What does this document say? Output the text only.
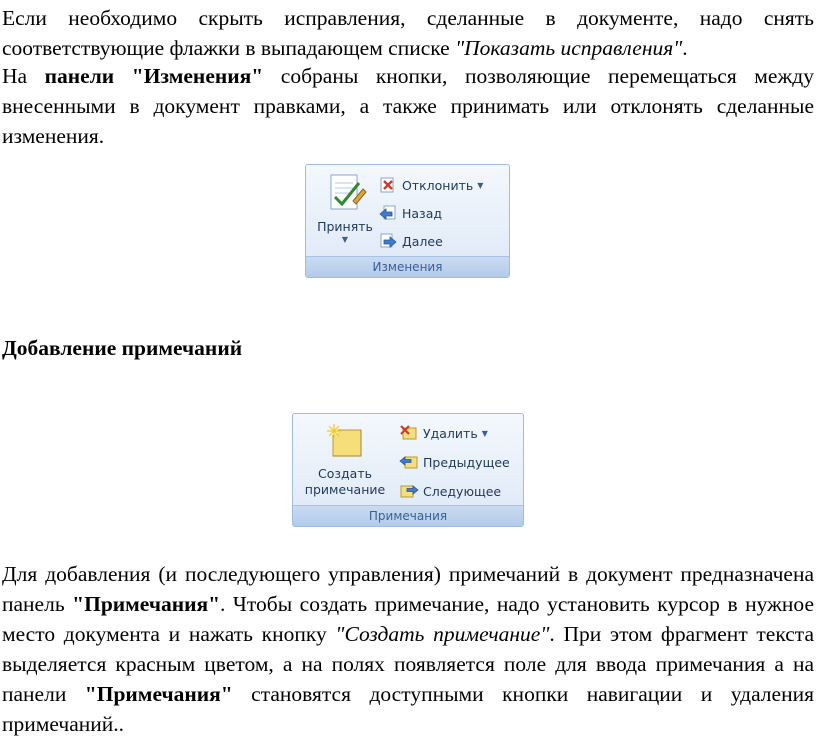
Если необходимо скрыть исправления, сделанные в документе, надо снять соответствующие флажки в выпадающем списке "Показать исправления".

На панели "Изменения" собраны кнопки, позволяющие перемещаться между внесенными в документ правками, а также принимать или отклонять сделанные изменения.

Принять
▼
Отклонить ▼
Назад
Далее
Изменения

Добавление примечаний

Создать
примечание
Удалить ▼
Предыдущее
Следующее
Примечания

Для добавления (и последующего управления) примечаний в документ предназначена панель "Примечания". Чтобы создать примечание, надо установить курсор в нужное место документа и нажать кнопку "Создать примечание". При этом фрагмент текста выделяется красным цветом, а на полях появляется поле для ввода примечания а на панели "Примечания" становятся доступными кнопки навигации и удаления примечаний..
